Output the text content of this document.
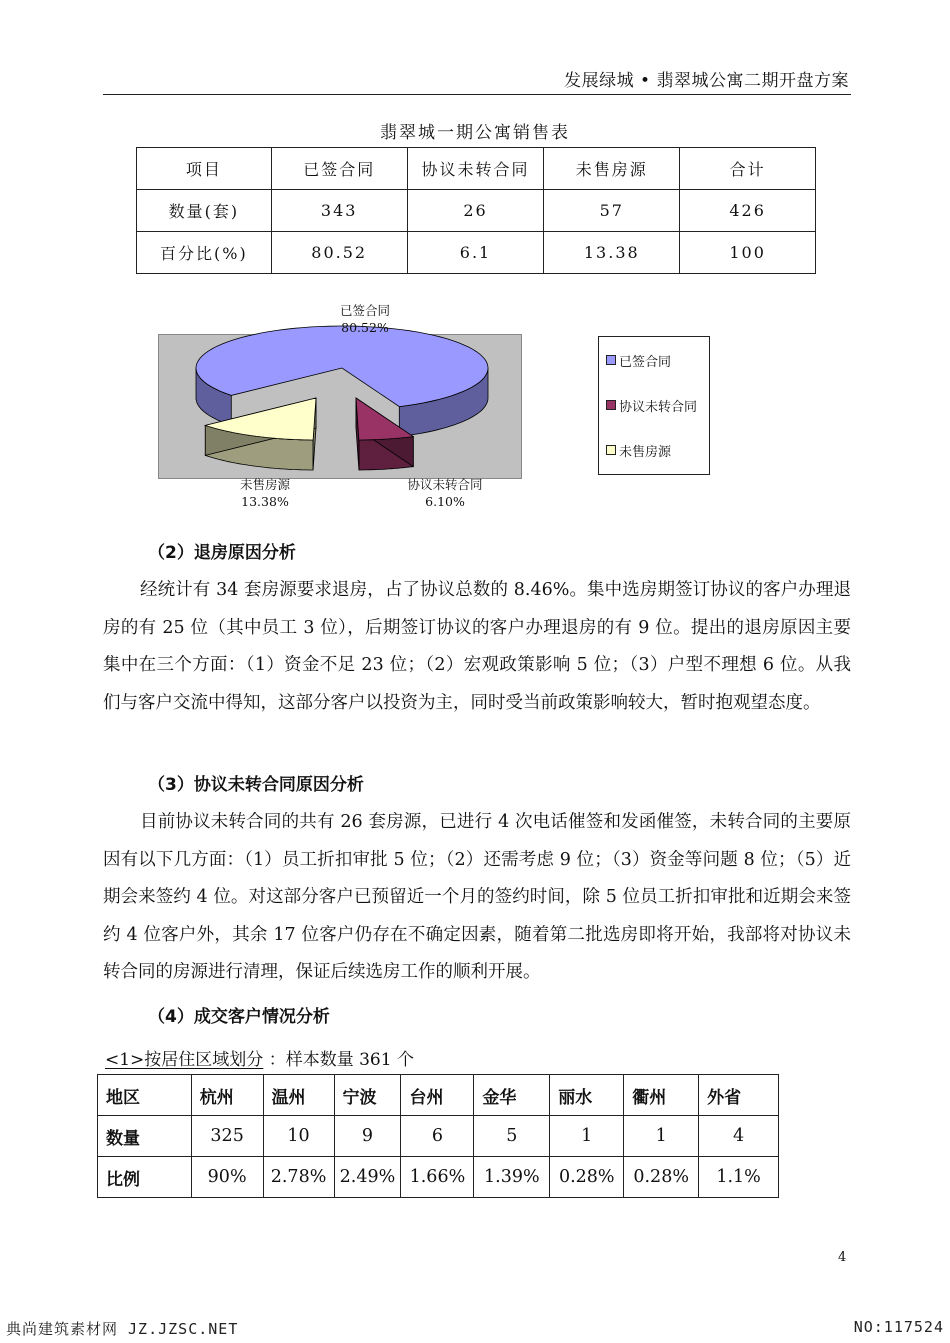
发展绿城 • 翡翠城公寓二期开盘方案
翡翠城一期公寓销售表
项目	已签合同	协议未转合同	未售房源	合计
数量(套)	343	26	57	426
百分比(%)	80.52	6.1	13.38	100
已签合同
80.52%
未售房源
13.38%
协议未转合同
6.10%
已签合同
协议未转合同
未售房源
（2）退房原因分析

经统计有 34 套房源要求退房，占了协议总数的 8.46%。集中选房期签订协议的客户办理退房的有 25 位（其中员工 3 位），后期签订协议的客户办理退房的有 9 位。提出的退房原因主要集中在三个方面：（1）资金不足 23 位；（2）宏观政策影响 5 位；（3）户型不理想 6 位。从我们与客户交流中得知，这部分客户以投资为主，同时受当前政策影响较大，暂时抱观望态度。

（3）协议未转合同原因分析

目前协议未转合同的共有 26 套房源，已进行 4 次电话催签和发函催签，未转合同的主要原因有以下几方面：（1）员工折扣审批 5 位；（2）还需考虑 9 位；（3）资金等问题 8 位；（5）近期会来签约 4 位。对这部分客户已预留近一个月的签约时间，除 5 位员工折扣审批和近期会来签约 4 位客户外，其余 17 位客户仍存在不确定因素，随着第二批选房即将开始，我部将对协议未转合同的房源进行清理，保证后续选房工作的顺利开展。

（4）成交客户情况分析
<1>按居住区域划分 ：样本数量 361 个
地区	杭州	温州	宁波	台州	金华	丽水	衢州	外省
数量	325	10	9	6	5	1	1	4
比例	90%	2.78%	2.49%	1.66%	1.39%	0.28%	0.28%	1.1%
4
典尚建筑素材网 JZ.JZSC.NET	NO:117524
